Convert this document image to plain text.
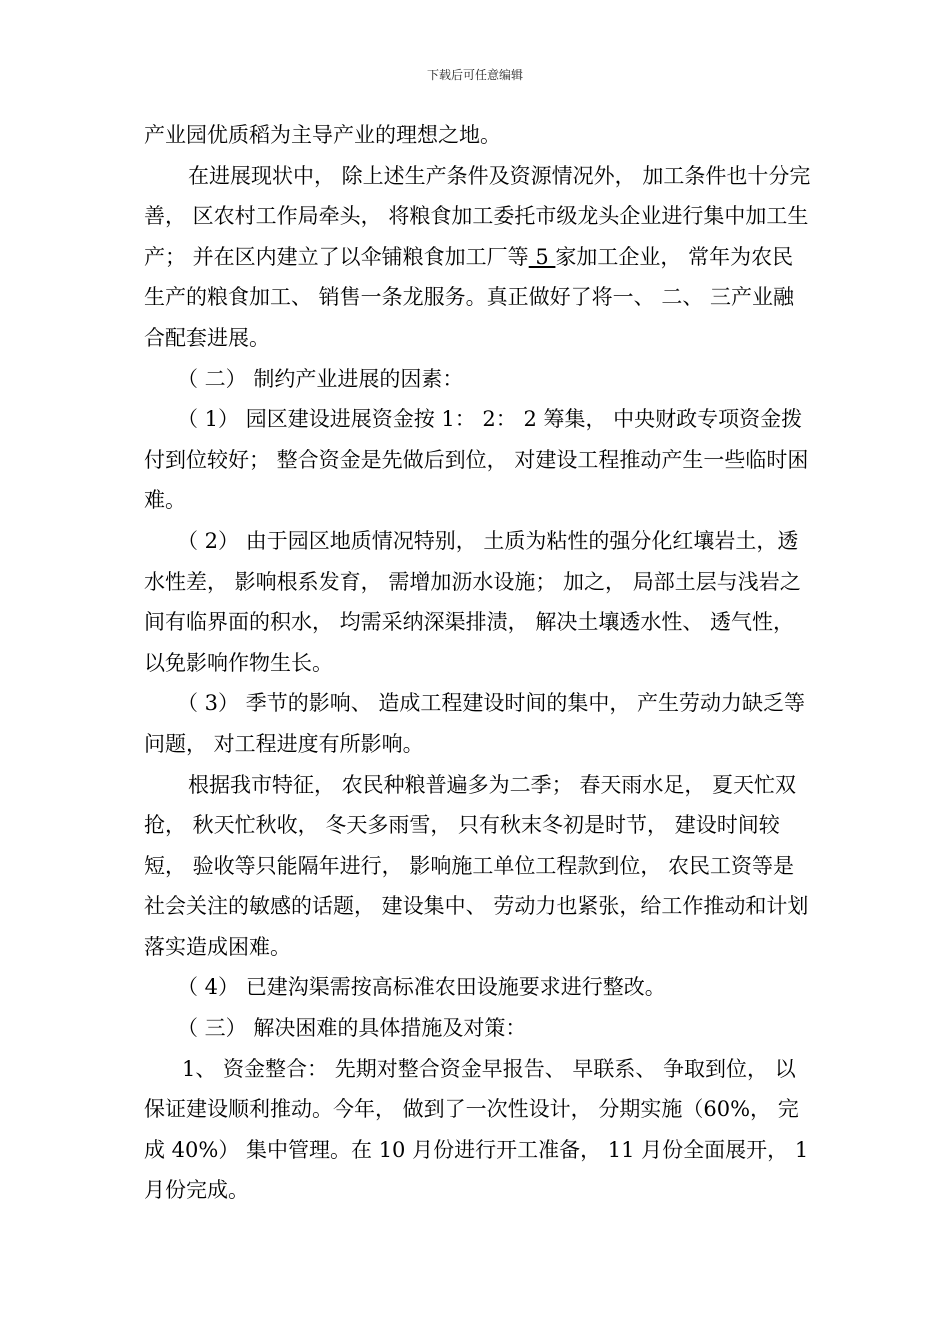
下载后可任意编辑

产业园优质稻为主导产业的理想之地。

在进展现状中， 除上述生产条件及资源情况外， 加工条件也十分完善， 区农村工作局牵头， 将粮食加工委托市级龙头企业进行集中加工生产； 并在区内建立了以伞铺粮食加工厂等 5 家加工企业， 常年为农民生产的粮食加工、 销售一条龙服务。真正做好了将一、 二、 三产业融合配套进展。

（ 二） 制约产业进展的因素：

（ 1） 园区建设进展资金按 1： 2： 2 筹集， 中央财政专项资金拨付到位较好； 整合资金是先做后到位， 对建设工程推动产生一些临时困难。

（ 2） 由于园区地质情况特别， 土质为粘性的强分化红壤岩土，透水性差， 影响根系发育， 需增加沥水设施； 加之， 局部土层与浅岩之间有临界面的积水， 均需采纳深渠排渍， 解决土壤透水性、 透气性， 以免影响作物生长。

（ 3） 季节的影响、 造成工程建设时间的集中， 产生劳动力缺乏等问题， 对工程进度有所影响。

根据我市特征， 农民种粮普遍多为二季； 春天雨水足， 夏天忙双抢， 秋天忙秋收， 冬天多雨雪， 只有秋末冬初是时节， 建设时间较短， 验收等只能隔年进行， 影响施工单位工程款到位， 农民工资等是社会关注的敏感的话题， 建设集中、 劳动力也紧张，给工作推动和计划落实造成困难。

（ 4） 已建沟渠需按高标准农田设施要求进行整改。

（ 三） 解决困难的具体措施及对策：

1、 资金整合： 先期对整合资金早报告、 早联系、 争取到位， 以保证建设顺利推动。今年， 做到了一次性设计， 分期实施（60%， 完成 40%） 集中管理。在 10 月份进行开工准备， 11 月份全面展开， 1 月份完成。
